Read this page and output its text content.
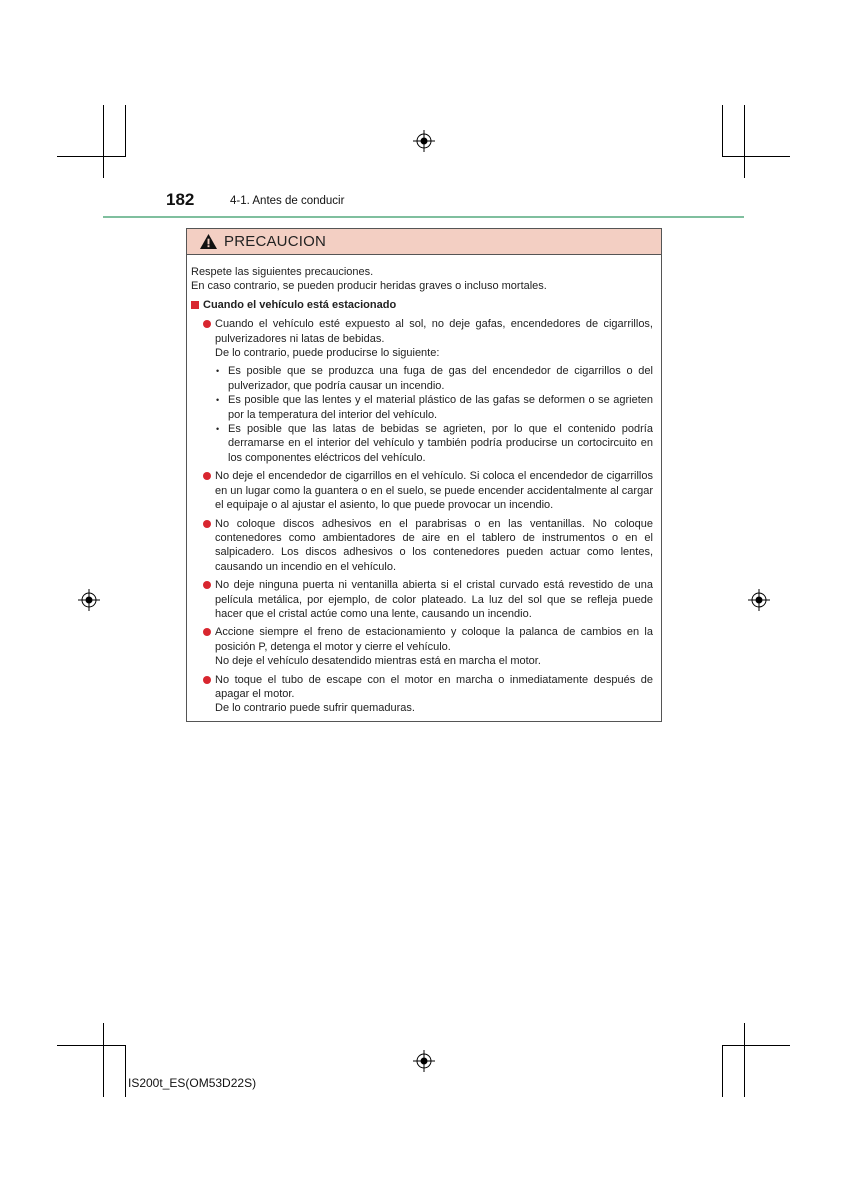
182	4-1. Antes de conducir
PRECAUCION

Respete las siguientes precauciones.

En caso contrario, se pueden producir heridas graves o incluso mortales.

Cuando el vehículo está estacionado
Cuando el vehículo esté expuesto al sol, no deje gafas, encendedores de cigarrillos, pulverizadores ni latas de bebidas.
De lo contrario, puede producirse lo siguiente:
• Es posible que se produzca una fuga de gas del encendedor de cigarrillos o del pulverizador, que podría causar un incendio.
• Es posible que las lentes y el material plástico de las gafas se deformen o se agrieten por la temperatura del interior del vehículo.
• Es posible que las latas de bebidas se agrieten, por lo que el contenido podría derramarse en el interior del vehículo y también podría producirse un cortocircuito en los componentes eléctricos del vehículo.
No deje el encendedor de cigarrillos en el vehículo. Si coloca el encendedor de cigarrillos en un lugar como la guantera o en el suelo, se puede encender accidentalmente al cargar el equipaje o al ajustar el asiento, lo que puede provocar un incendio.
No coloque discos adhesivos en el parabrisas o en las ventanillas. No coloque contenedores como ambientadores de aire en el tablero de instrumentos o en el salpicadero. Los discos adhesivos o los contenedores pueden actuar como lentes, causando un incendio en el vehículo.
No deje ninguna puerta ni ventanilla abierta si el cristal curvado está revestido de una película metálica, por ejemplo, de color plateado. La luz del sol que se refleja puede hacer que el cristal actúe como una lente, causando un incendio.
Accione siempre el freno de estacionamiento y coloque la palanca de cambios en la posición P, detenga el motor y cierre el vehículo.
No deje el vehículo desatendido mientras está en marcha el motor.
No toque el tubo de escape con el motor en marcha o inmediatamente después de apagar el motor.
De lo contrario puede sufrir quemaduras.
IS200t_ES(OM53D22S)
